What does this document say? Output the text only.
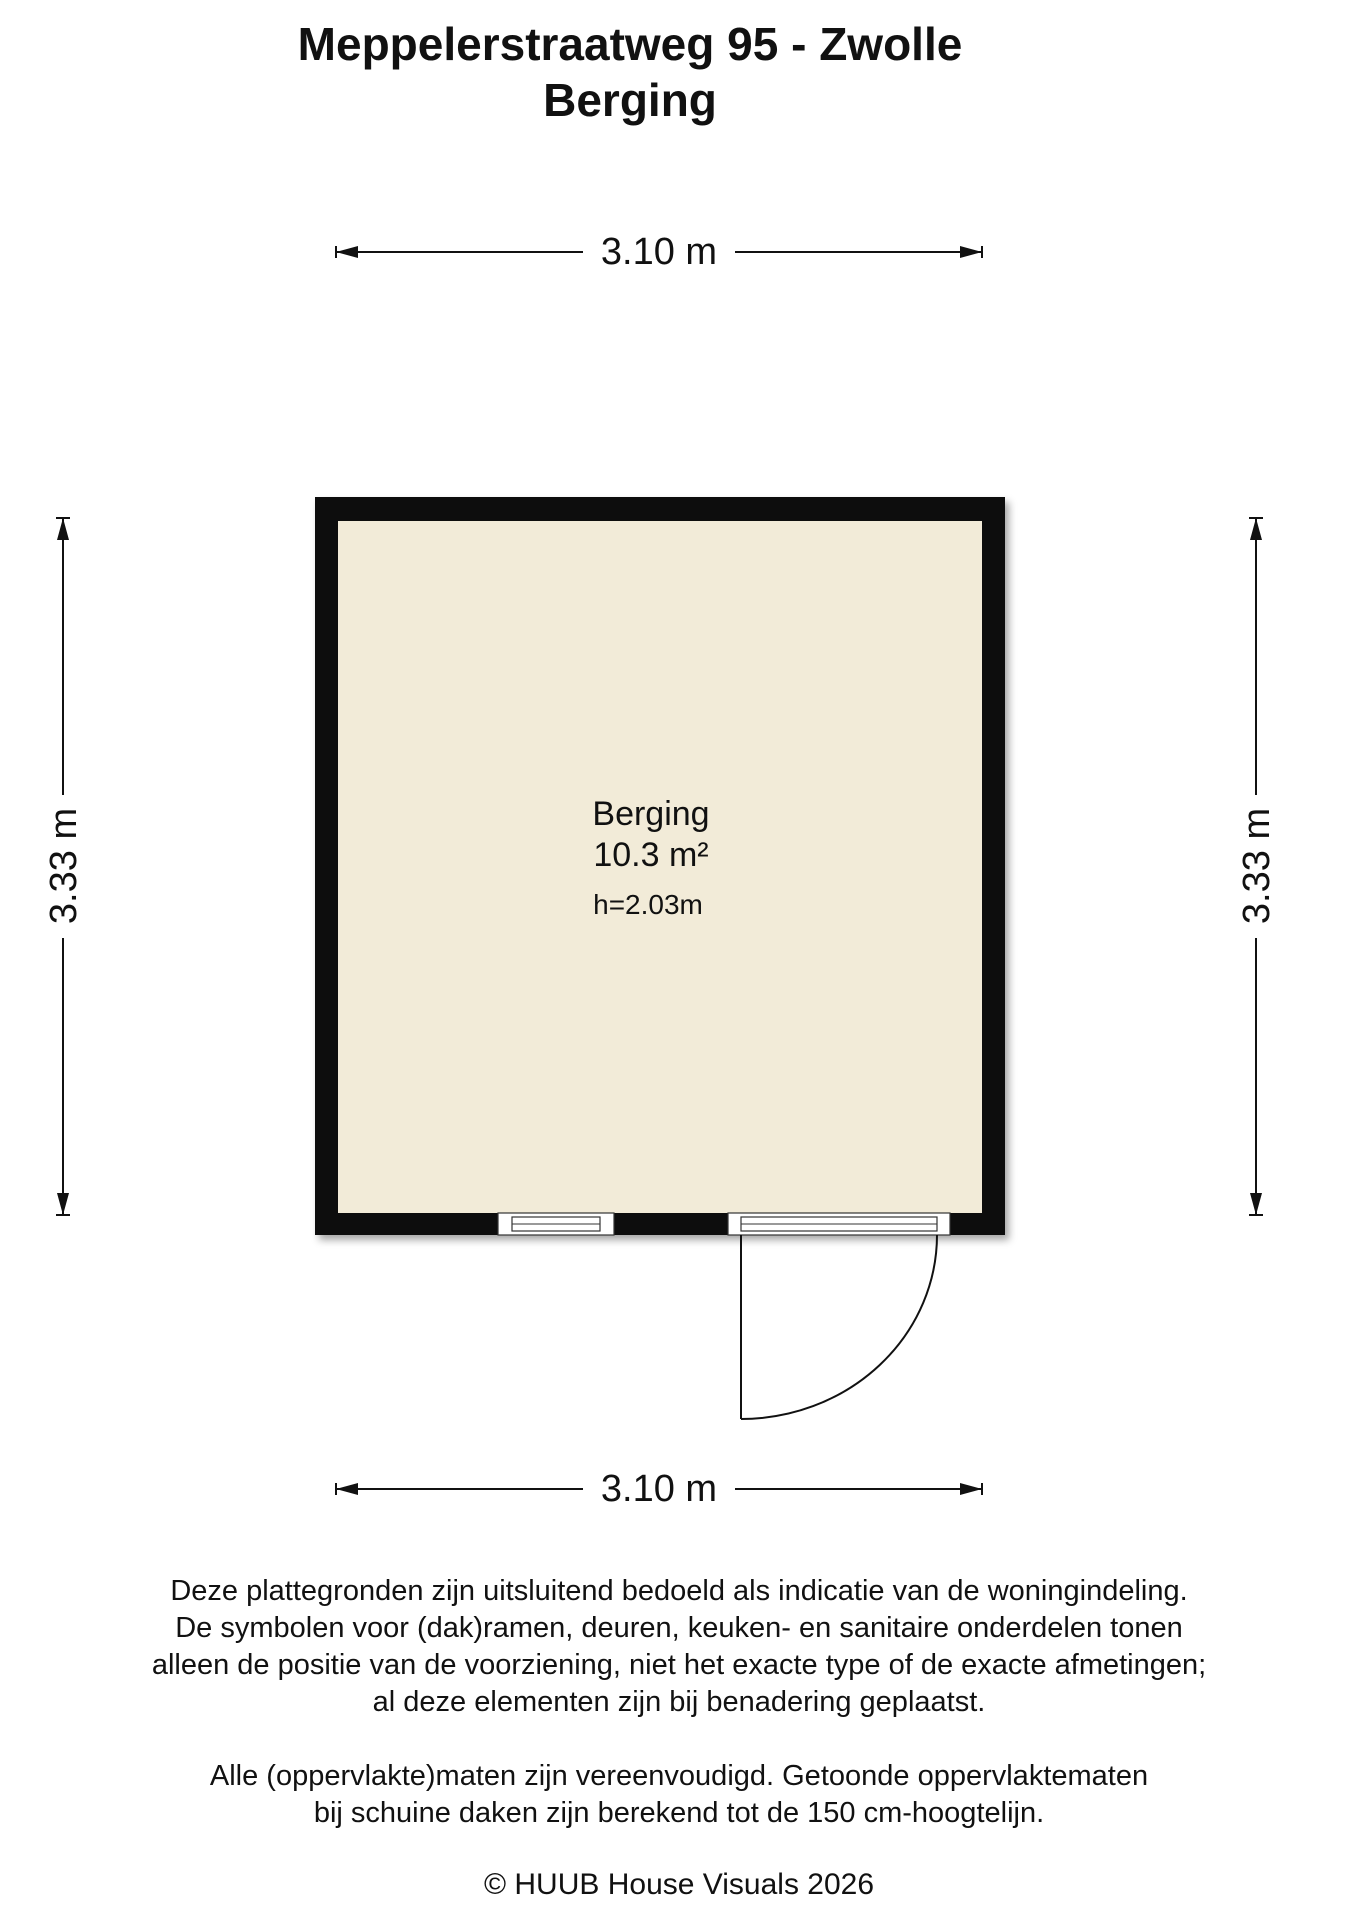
Meppelerstraatweg 95 - Zwolle
Berging
3.10 m
3.33 m	3.33 m
Berging
10.3 m²
h=2.03m
3.10 m
Deze plattegronden zijn uitsluitend bedoeld als indicatie van de woningindeling.
De symbolen voor (dak)ramen, deuren, keuken- en sanitaire onderdelen tonen
alleen de positie van de voorziening, niet het exacte type of de exacte afmetingen;
al deze elementen zijn bij benadering geplaatst.
Alle (oppervlakte)maten zijn vereenvoudigd. Getoonde oppervlaktematen
bij schuine daken zijn berekend tot de 150 cm-hoogtelijn.
© HUUB House Visuals 2026
